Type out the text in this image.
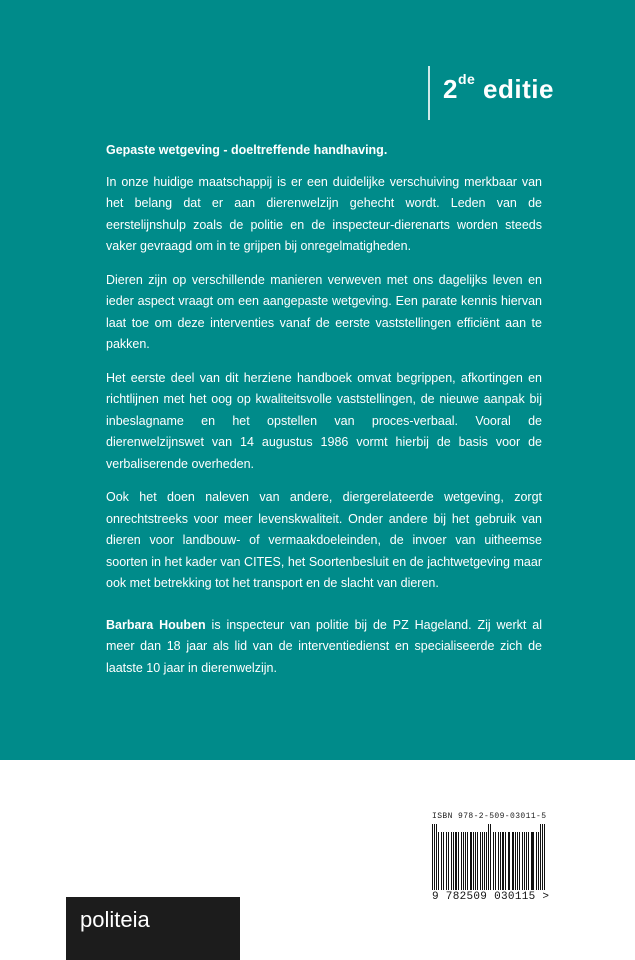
2de editie

Gepaste wetgeving - doeltreffende handhaving.

In onze huidige maatschappij is er een duidelijke verschuiving merkbaar van het belang dat er aan dierenwelzijn gehecht wordt. Leden van de eerstelijnshulp zoals de politie en de inspecteur-dierenarts worden steeds vaker gevraagd om in te grijpen bij onregelmatigheden.

Dieren zijn op verschillende manieren verweven met ons dagelijks leven en ieder aspect vraagt om een aangepaste wetgeving. Een parate kennis hiervan laat toe om deze interventies vanaf de eerste vaststellingen efficiënt aan te pakken.

Het eerste deel van dit herziene handboek omvat begrippen, afkortingen en richtlijnen met het oog op kwaliteitsvolle vaststellingen, de nieuwe aanpak bij inbeslagname en het opstellen van proces-verbaal. Vooral de dierenwelzijnswet van 14 augustus 1986 vormt hierbij de basis voor de verbaliserende overheden.

Ook het doen naleven van andere, diergerelateerde wetgeving, zorgt onrechtstreeks voor meer levenskwaliteit. Onder andere bij het gebruik van dieren voor landbouw- of vermaakdoeleinden, de invoer van uitheemse soorten in het kader van CITES, het Soortenbesluit en de jachtwetgeving maar ook met betrekking tot het transport en de slacht van dieren.

Barbara Houben is inspecteur van politie bij de PZ Hageland. Zij werkt al meer dan 18 jaar als lid van de interventiedienst en specialiseerde zich de laatste 10 jaar in dierenwelzijn.

ISBN 978-2-509-03011-5
9 782509 030115 >
politeia
